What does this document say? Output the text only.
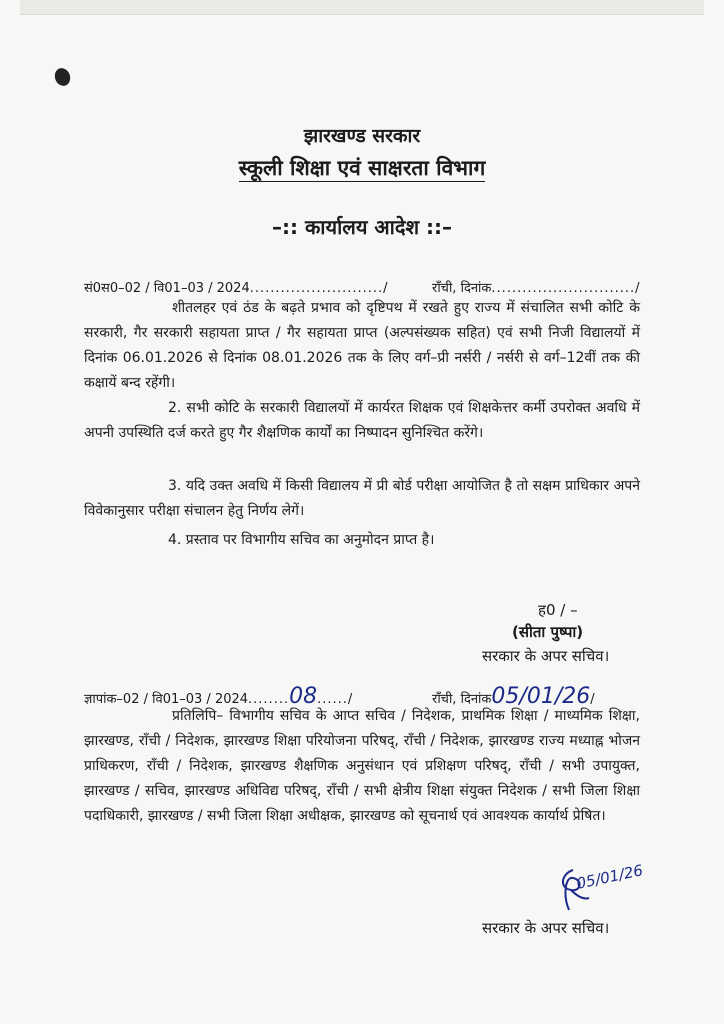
झारखण्ड सरकार
स्कूली शिक्षा एवं साक्षरता विभाग
–:: कार्यालय आदेश ::–
सं0स0–02 / वि01–03 / 2024........................../	राँची, दिनांक............................/
शीतलहर एवं ठंड के बढ़ते प्रभाव को दृष्टिपथ में रखते हुए राज्य में संचालित सभी कोटि के सरकारी, गैर सरकारी सहायता प्राप्त / गैर सहायता प्राप्त (अल्पसंख्यक सहित) एवं सभी निजी विद्यालयों में दिनांक 06.01.2026 से दिनांक 08.01.2026 तक के लिए वर्ग–प्री नर्सरी / नर्सरी से वर्ग–12वीं तक की कक्षायें बन्द रहेंगी।
2. सभी कोटि के सरकारी विद्यालयों में कार्यरत शिक्षक एवं शिक्षकेत्तर कर्मी उपरोक्त अवधि में अपनी उपस्थिति दर्ज करते हुए गैर शैक्षणिक कार्यों का निष्पादन सुनिश्चित करेंगे।
3. यदि उक्त अवधि में किसी विद्यालय में प्री बोर्ड परीक्षा आयोजित है तो सक्षम प्राधिकार अपने विवेकानुसार परीक्षा संचालन हेतु निर्णय लेगें।
4. प्रस्ताव पर विभागीय सचिव का अनुमोदन प्राप्त है।
ह0 / –
(सीता पुष्पा)
सरकार के अपर सचिव।
ज्ञापांक–02 / वि01–03 / 2024........08....../	राँची, दिनांक05/01/26/
प्रतिलिपि– विभागीय सचिव के आप्त सचिव / निदेशक, प्राथमिक शिक्षा / माध्यमिक शिक्षा, झारखण्ड, राँची / निदेशक, झारखण्ड शिक्षा परियोजना परिषद्, राँची / निदेशक, झारखण्ड राज्य मध्याह्न भोजन प्राधिकरण, राँची / निदेशक, झारखण्ड शैक्षणिक अनुसंधान एवं प्रशिक्षण परिषद्, राँची / सभी उपायुक्त, झारखण्ड / सचिव, झारखण्ड अधिविद्य परिषद्, राँची / सभी क्षेत्रीय शिक्षा संयुक्त निदेशक / सभी जिला शिक्षा पदाधिकारी, झारखण्ड / सभी जिला शिक्षा अधीक्षक, झारखण्ड को सूचनार्थ एवं आवश्यक कार्यार्थ प्रेषित।
05/01/26
सरकार के अपर सचिव।
